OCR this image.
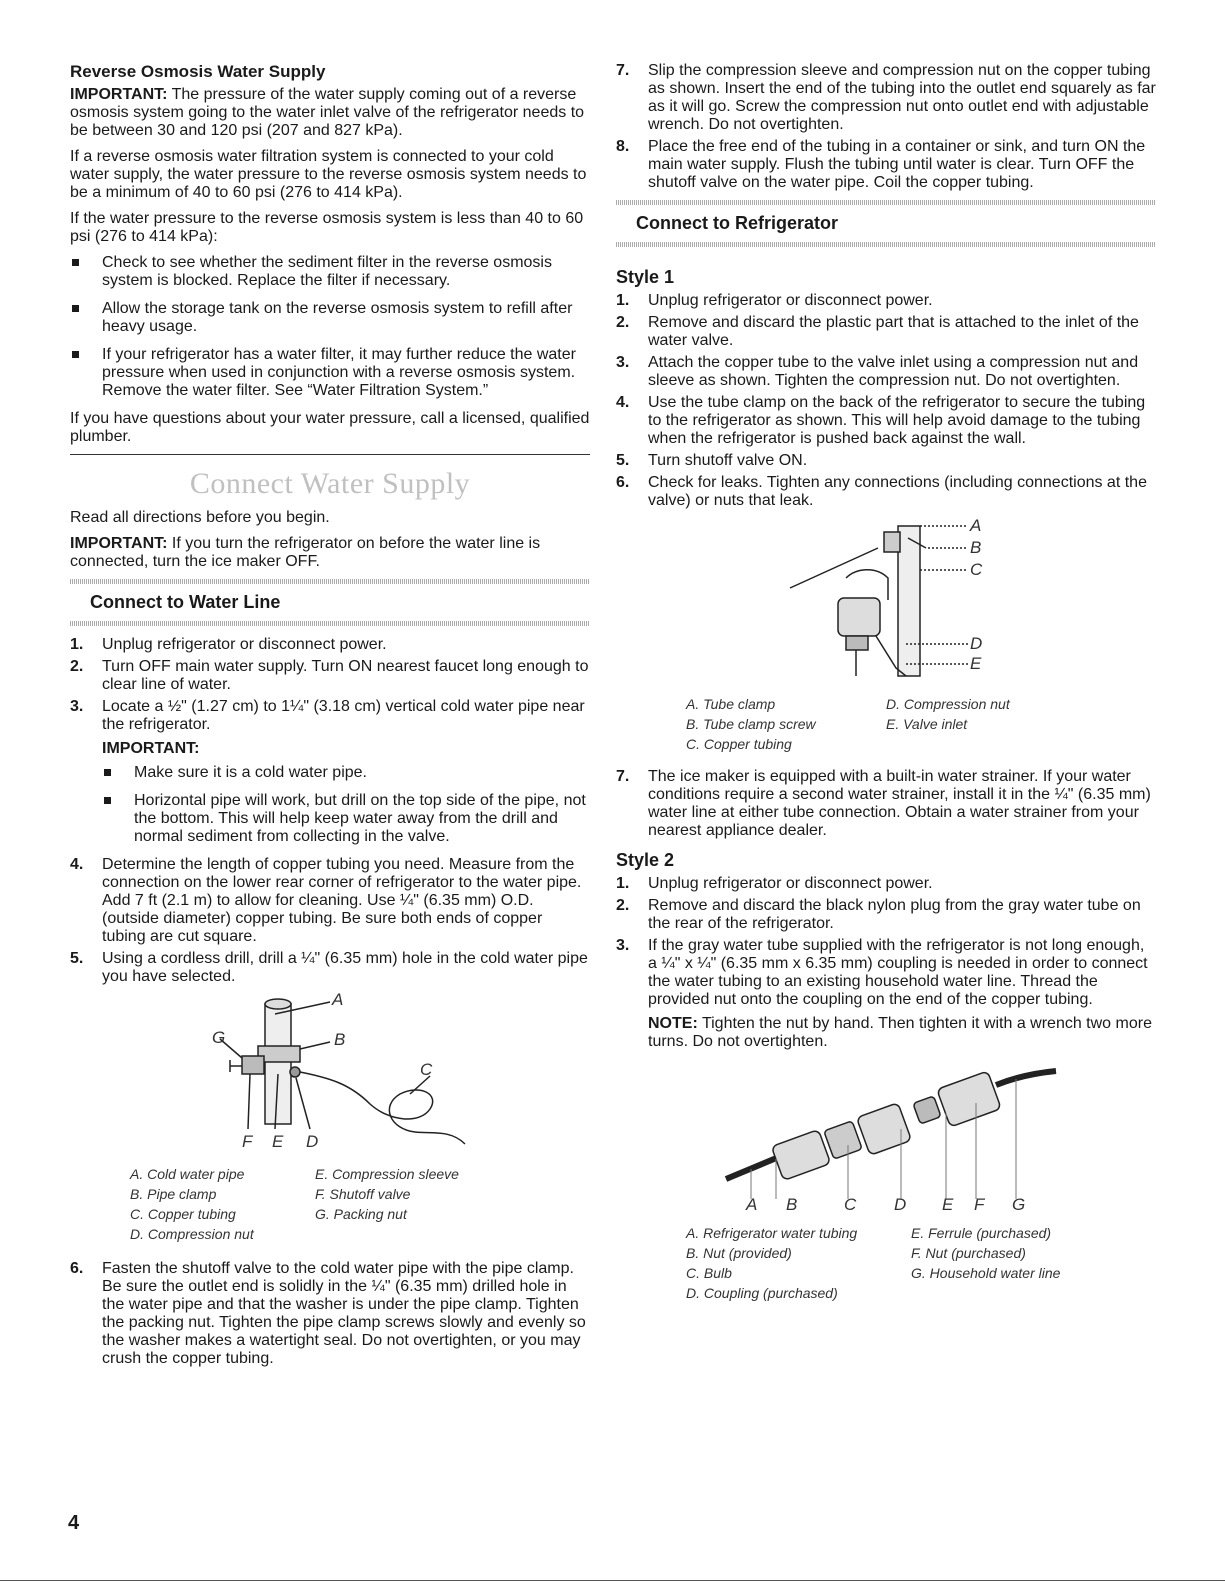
Reverse Osmosis Water Supply

IMPORTANT: The pressure of the water supply coming out of a reverse osmosis system going to the water inlet valve of the refrigerator needs to be between 30 and 120 psi (207 and 827 kPa).

If a reverse osmosis water filtration system is connected to your cold water supply, the water pressure to the reverse osmosis system needs to be a minimum of 40 to 60 psi (276 to 414 kPa).

If the water pressure to the reverse osmosis system is less than 40 to 60 psi (276 to 414 kPa):

Check to see whether the sediment filter in the reverse osmosis system is blocked. Replace the filter if necessary.
Allow the storage tank on the reverse osmosis system to refill after heavy usage.
If your refrigerator has a water filter, it may further reduce the water pressure when used in conjunction with a reverse osmosis system. Remove the water filter. See “Water Filtration System.”

If you have questions about your water pressure, call a licensed, qualified plumber.

Connect Water Supply

Read all directions before you begin.

IMPORTANT: If you turn the refrigerator on before the water line is connected, turn the ice maker OFF.

Connect to Water Line
1. Unplug refrigerator or disconnect power.
2. Turn OFF main water supply. Turn ON nearest faucet long enough to clear line of water.
3. Locate a ½" (1.27 cm) to 1¼" (3.18 cm) vertical cold water pipe near the refrigerator.
IMPORTANT:
Make sure it is a cold water pipe.
Horizontal pipe will work, but drill on the top side of the pipe, not the bottom. This will help keep water away from the drill and normal sediment from collecting in the valve.
4. Determine the length of copper tubing you need. Measure from the connection on the lower rear corner of refrigerator to the water pipe. Add 7 ft (2.1 m) to allow for cleaning. Use ¼" (6.35 mm) O.D. (outside diameter) copper tubing. Be sure both ends of copper tubing are cut square.
5. Using a cordless drill, drill a ¼" (6.35 mm) hole in the cold water pipe you have selected.
A
B
C
G
F E D
A. Cold water pipe
B. Pipe clamp
C. Copper tubing
D. Compression nut
E. Compression sleeve
F. Shutoff valve
G. Packing nut
6. Fasten the shutoff valve to the cold water pipe with the pipe clamp. Be sure the outlet end is solidly in the ¼" (6.35 mm) drilled hole in the water pipe and that the washer is under the pipe clamp. Tighten the packing nut. Tighten the pipe clamp screws slowly and evenly so the washer makes a watertight seal. Do not overtighten, or you may crush the copper tubing.
7. Slip the compression sleeve and compression nut on the copper tubing as shown. Insert the end of the tubing into the outlet end squarely as far as it will go. Screw the compression nut onto outlet end with adjustable wrench. Do not overtighten.
8. Place the free end of the tubing in a container or sink, and turn ON the main water supply. Flush the tubing until water is clear. Turn OFF the shutoff valve on the water pipe. Coil the copper tubing.
Connect to Refrigerator
Style 1
1. Unplug refrigerator or disconnect power.
2. Remove and discard the plastic part that is attached to the inlet of the water valve.
3. Attach the copper tube to the valve inlet using a compression nut and sleeve as shown. Tighten the compression nut. Do not overtighten.
4. Use the tube clamp on the back of the refrigerator to secure the tubing to the refrigerator as shown. This will help avoid damage to the tubing when the refrigerator is pushed back against the wall.
5. Turn shutoff valve ON.
6. Check for leaks. Tighten any connections (including connections at the valve) or nuts that leak.
A
B
C
D
E
A. Tube clamp
B. Tube clamp screw
C. Copper tubing
D. Compression nut
E. Valve inlet
7. The ice maker is equipped with a built-in water strainer. If your water conditions require a second water strainer, install it in the ¼" (6.35 mm) water line at either tube connection. Obtain a water strainer from your nearest appliance dealer.
Style 2
1. Unplug refrigerator or disconnect power.
2. Remove and discard the black nylon plug from the gray water tube on the rear of the refrigerator.
3. If the gray water tube supplied with the refrigerator is not long enough, a ¼" x ¼" (6.35 mm x 6.35 mm) coupling is needed in order to connect the water tubing to an existing household water line. Thread the provided nut onto the coupling on the end of the copper tubing.

NOTE: Tighten the nut by hand. Then tighten it with a wrench two more turns. Do not overtighten.

A B	C D E F G
A. Refrigerator water tubing
B. Nut (provided)
C. Bulb
D. Coupling (purchased)
E. Ferrule (purchased)
F. Nut (purchased)
G. Household water line
4
